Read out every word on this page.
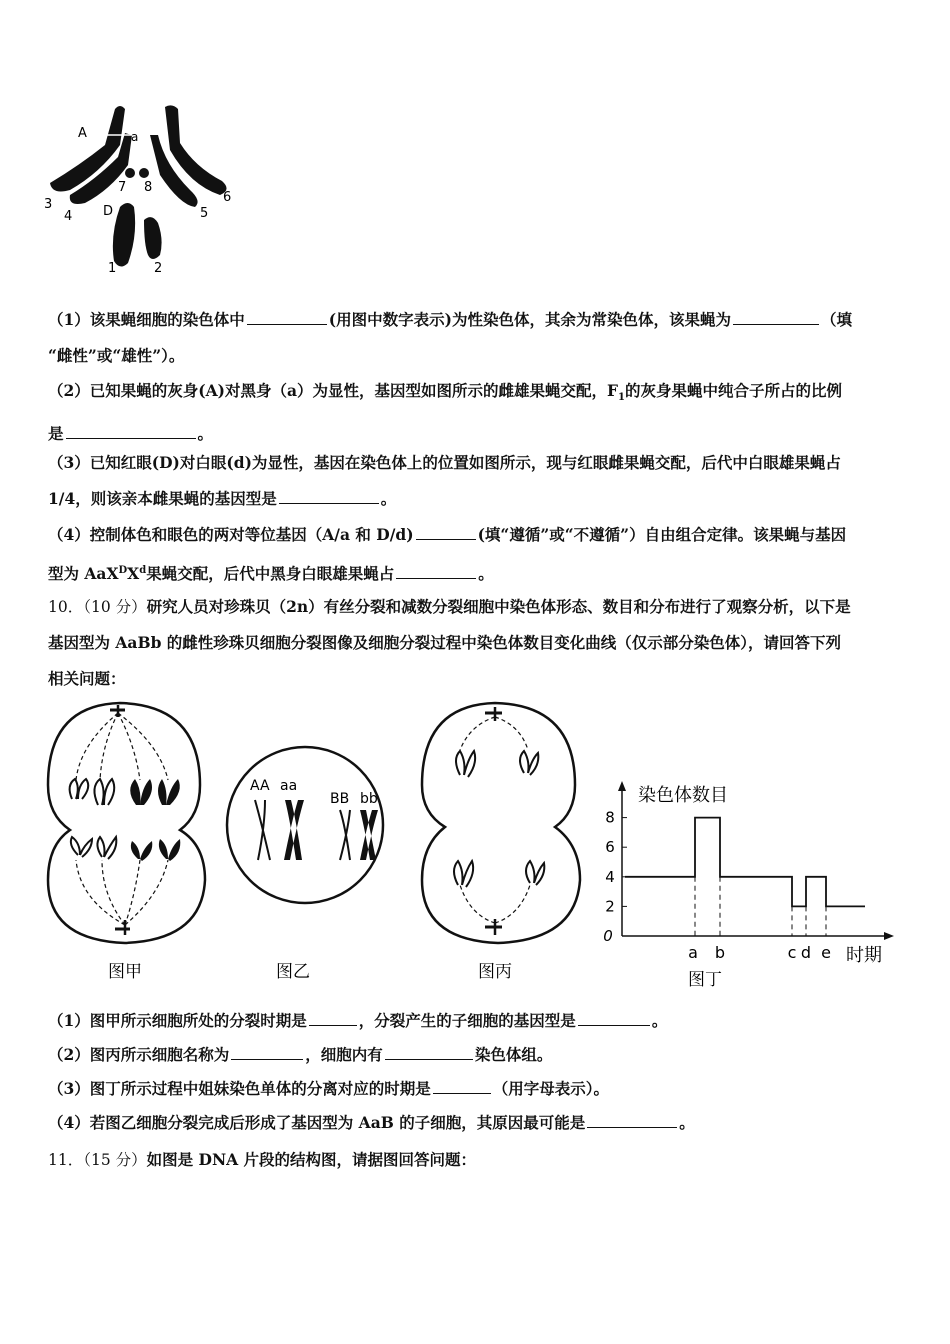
A	a
7 8
3
4 D	5
6
1	2
（1）该果蝇细胞的染色体中	(用图中数字表示)为性染色体，其余为常染色体，该果蝇为	（填
“雌性”或“雄性”）。
（2）已知果蝇的灰身(A)对黑身（a）为显性，基因型如图所示的雌雄果蝇交配，$F_1$的灰身果蝇中纯合子所占的比例
是	。
（3）已知红眼(D)对白眼(d)为显性，基因在染色体上的位置如图所示，现与红眼雌果蝇交配，后代中白眼雄果蝇占
1/4，则该亲本雌果蝇的基因型是	。
（4）控制体色和眼色的两对等位基因（A/a 和 D/d)	(填“遵循”或“不遵循”）自由组合定律。该果蝇与基因
型为 $AaX^DX^d$果蝇交配，后代中黑身白眼雄果蝇占	。
10．（10 分）研究人员对珍珠贝（2n）有丝分裂和减数分裂细胞中染色体形态、数目和分布进行了观察分析，以下是
基因型为 AaBb 的雌性珍珠贝细胞分裂图像及细胞分裂过程中染色体数目变化曲线（仅示部分染色体），请回答下列
相关问题：
AA aa
BB bb	染色体数目
时期
0
2
4
6
8
a b	c d e
图甲	图乙	图丙	图丁
（1）图甲所示细胞所处的分裂时期是	，分裂产生的子细胞的基因型是	。
（2）图丙所示细胞名称为	，细胞内有	染色体组。
（3）图丁所示过程中姐妹染色单体的分离对应的时期是	（用字母表示）。
（4）若图乙细胞分裂完成后形成了基因型为 AaB 的子细胞，其原因最可能是	。
11．（15 分）如图是 DNA 片段的结构图，请据图回答问题：
